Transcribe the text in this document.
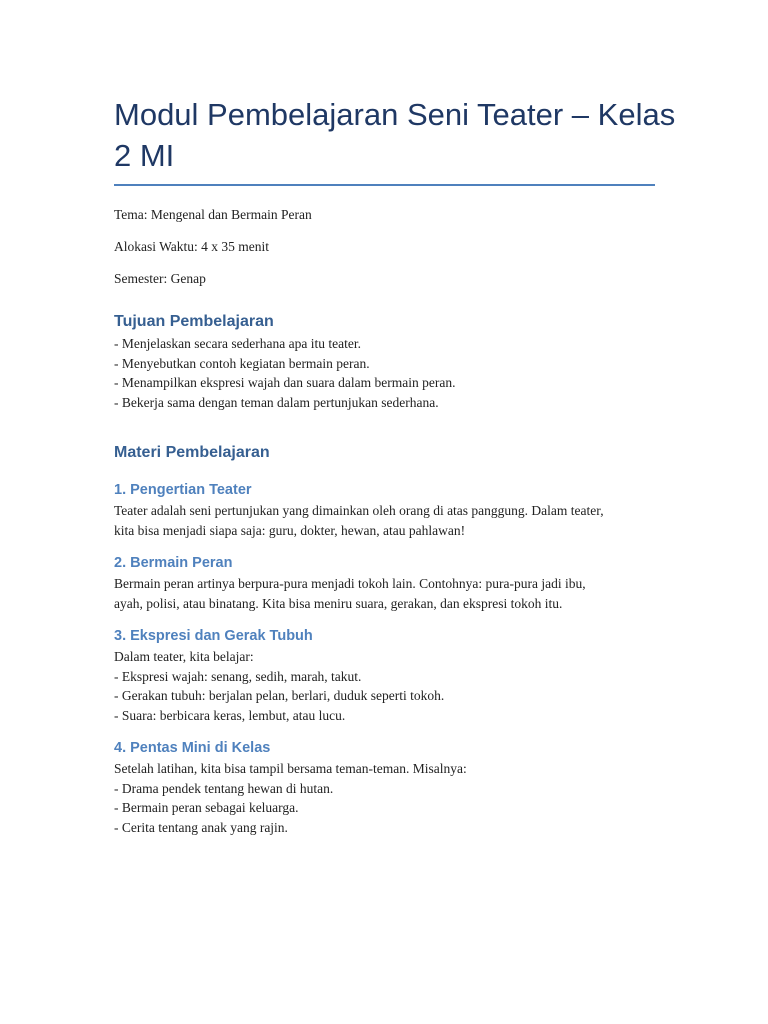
Modul Pembelajaran Seni Teater – Kelas
2 MI

Tema: Mengenal dan Bermain Peran

Alokasi Waktu: 4 x 35 menit

Semester: Genap

Tujuan Pembelajaran
- Menjelaskan secara sederhana apa itu teater.
- Menyebutkan contoh kegiatan bermain peran.
- Menampilkan ekspresi wajah dan suara dalam bermain peran.
- Bekerja sama dengan teman dalam pertunjukan sederhana.
Materi Pembelajaran
1. Pengertian Teater
Teater adalah seni pertunjukan yang dimainkan oleh orang di atas panggung. Dalam teater,
kita bisa menjadi siapa saja: guru, dokter, hewan, atau pahlawan!
2. Bermain Peran
Bermain peran artinya berpura-pura menjadi tokoh lain. Contohnya: pura-pura jadi ibu,
ayah, polisi, atau binatang. Kita bisa meniru suara, gerakan, dan ekspresi tokoh itu.
3. Ekspresi dan Gerak Tubuh
Dalam teater, kita belajar:
- Ekspresi wajah: senang, sedih, marah, takut.
- Gerakan tubuh: berjalan pelan, berlari, duduk seperti tokoh.
- Suara: berbicara keras, lembut, atau lucu.
4. Pentas Mini di Kelas
Setelah latihan, kita bisa tampil bersama teman-teman. Misalnya:
- Drama pendek tentang hewan di hutan.
- Bermain peran sebagai keluarga.
- Cerita tentang anak yang rajin.
